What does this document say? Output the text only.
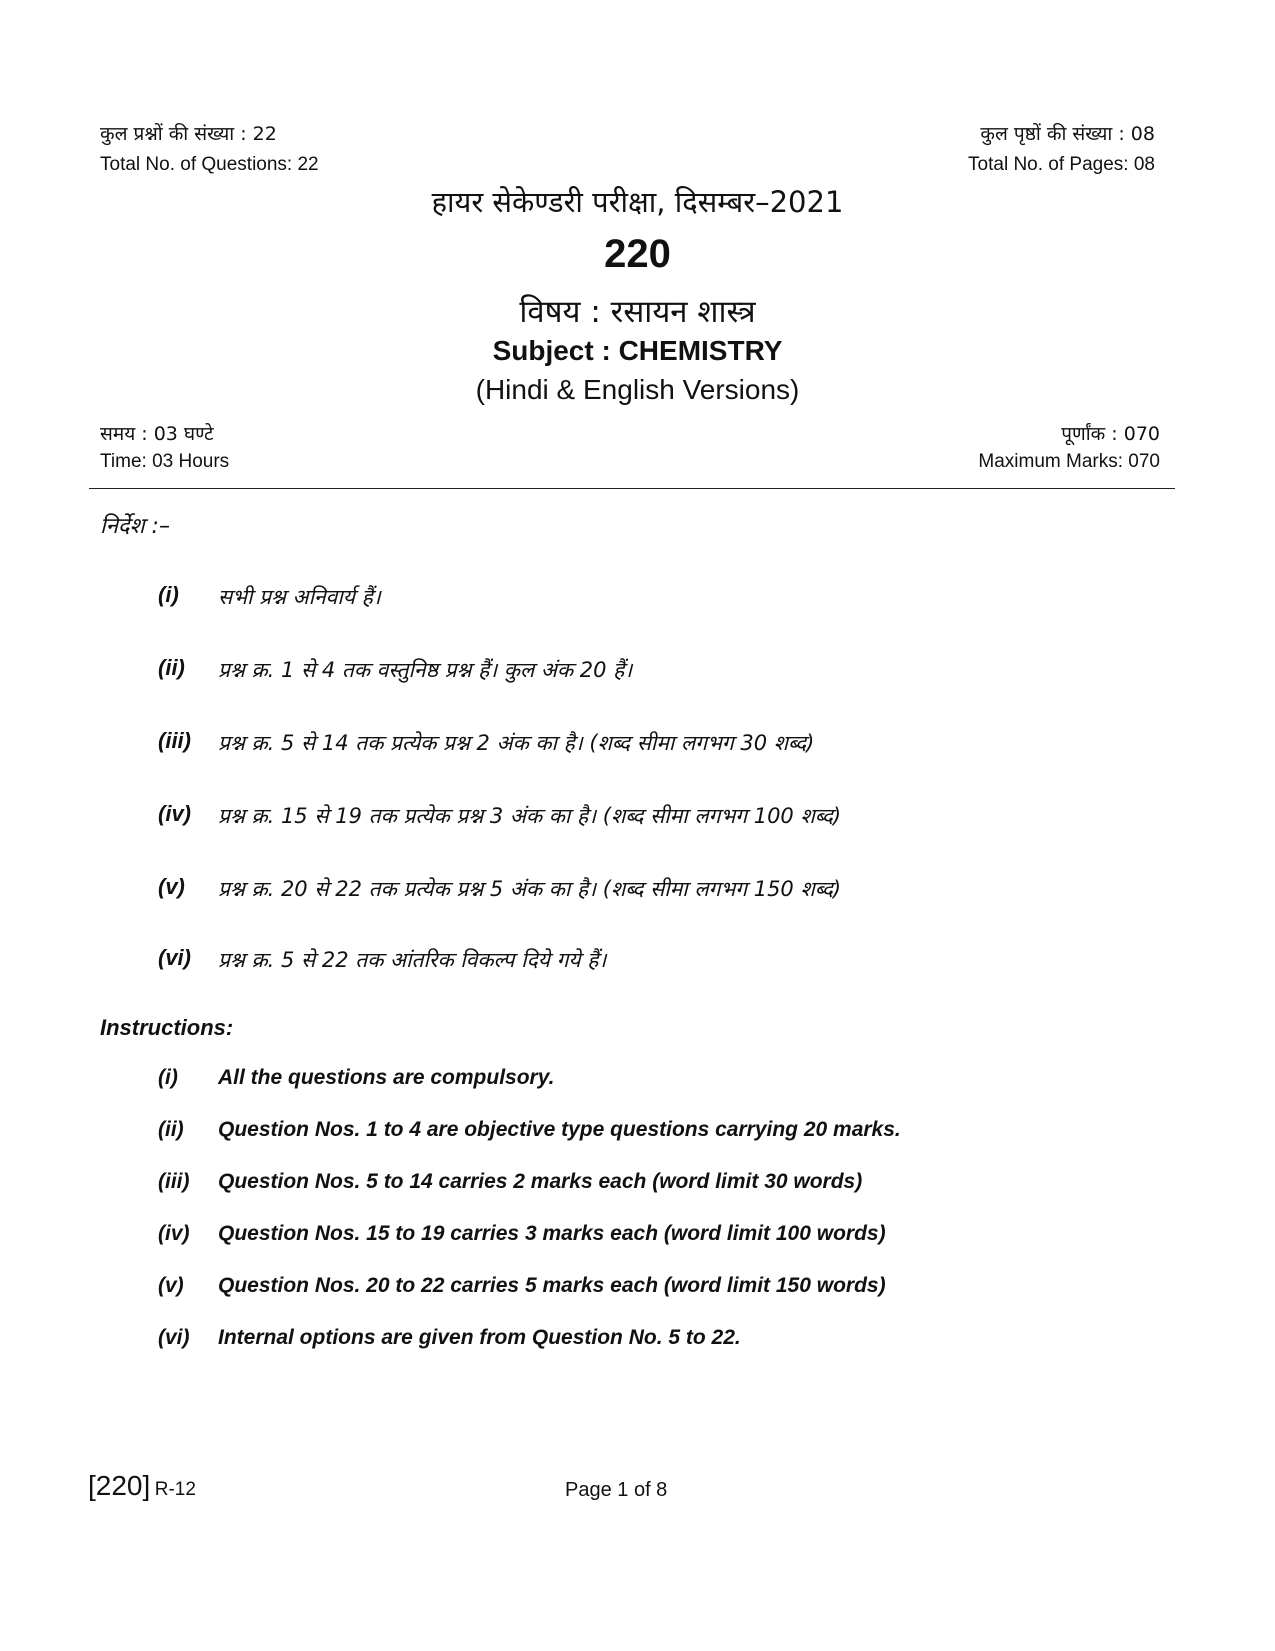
कुल प्रश्नों की संख्या : 22
Total No. of Questions: 22
कुल पृष्ठों की संख्या : 08
Total No. of Pages: 08
हायर सेकेण्डरी परीक्षा, दिसम्बर–2021
220
विषय : रसायन शास्त्र
Subject : CHEMISTRY
(Hindi & English Versions)
समय : 03 घण्टे
Time: 03 Hours
पूर्णांक : 070
Maximum Marks: 070
निर्देश :–
(i) सभी प्रश्न अनिवार्य हैं।
(ii) प्रश्न क्र. 1 से 4 तक वस्तुनिष्ठ प्रश्न हैं। कुल अंक 20 हैं।
(iii) प्रश्न क्र. 5 से 14 तक प्रत्येक प्रश्न 2 अंक का है। (शब्द सीमा लगभग 30 शब्द)
(iv) प्रश्न क्र. 15 से 19 तक प्रत्येक प्रश्न 3 अंक का है। (शब्द सीमा लगभग 100 शब्द)
(v) प्रश्न क्र. 20 से 22 तक प्रत्येक प्रश्न 5 अंक का है। (शब्द सीमा लगभग 150 शब्द)
(vi) प्रश्न क्र. 5 से 22 तक आंतरिक विकल्प दिये गये हैं।
Instructions:
(i) All the questions are compulsory.
(ii) Question Nos. 1 to 4 are objective type questions carrying 20 marks.
(iii) Question Nos. 5 to 14 carries 2 marks each (word limit 30 words)
(iv) Question Nos. 15 to 19 carries 3 marks each (word limit 100 words)
(v) Question Nos. 20 to 22 carries 5 marks each (word limit 150 words)
(vi) Internal options are given from Question No. 5 to 22.
[220] R-12	Page 1 of 8
